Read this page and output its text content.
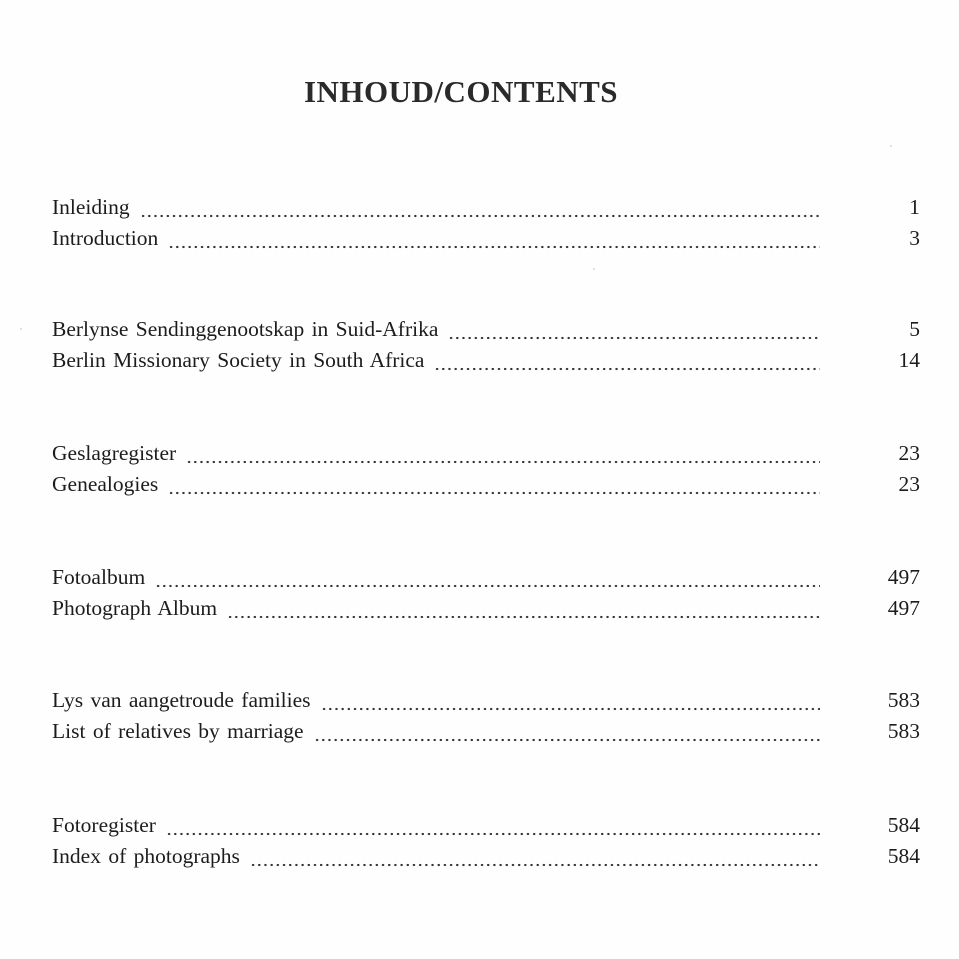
INHOUD/CONTENTS
Inleiding	1
Introduction	3
Berlynse Sendinggenootskap in Suid-Afrika	5
Berlin Missionary Society in South Africa	14
Geslagregister	23
Genealogies	23
Fotoalbum	497
Photograph Album	497
Lys van aangetroude families	583
List of relatives by marriage	583
Fotoregister	584
Index of photographs	584
